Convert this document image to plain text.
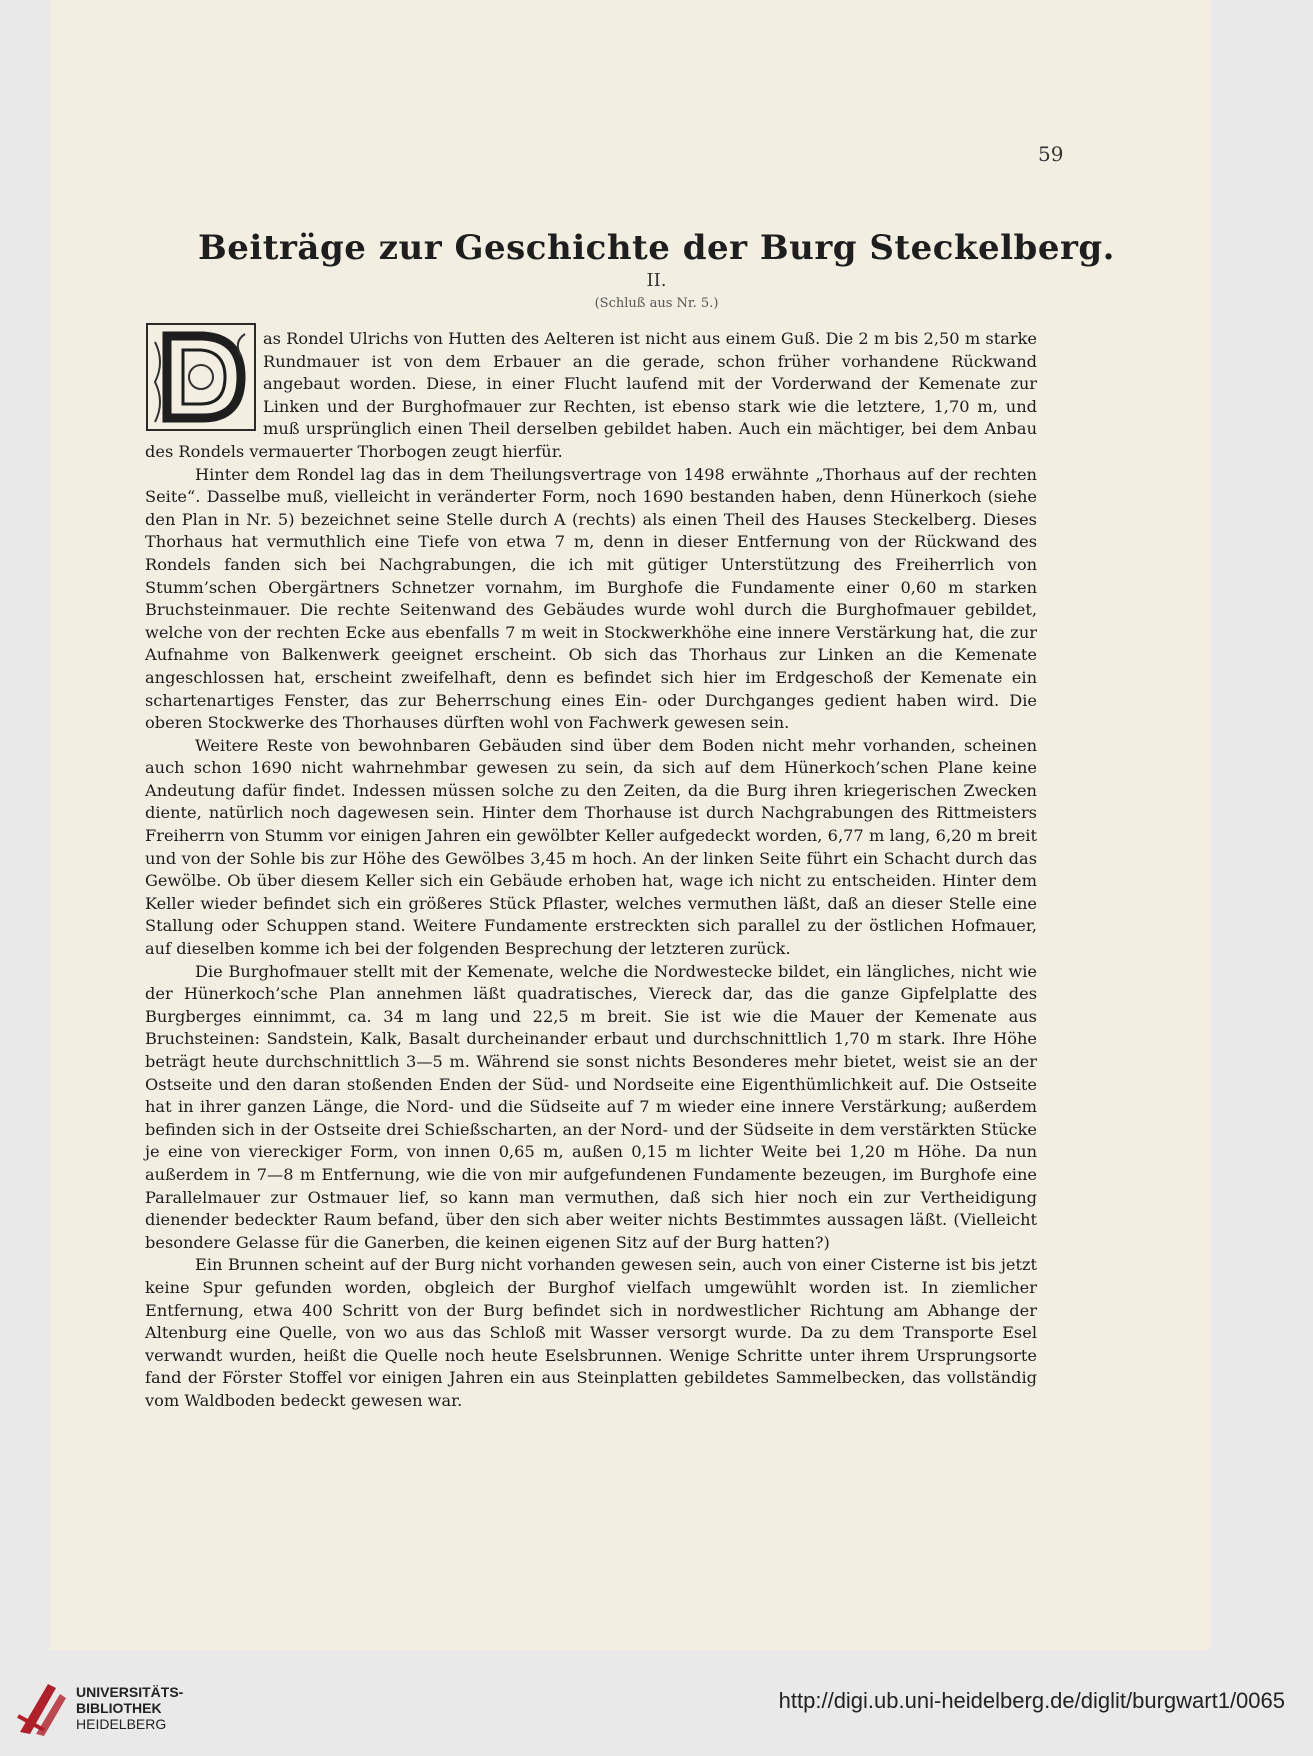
59
Beiträge zur Geschichte der Burg Steckelberg.
II.
(Schluß aus Nr. 5.)

as Rondel Ulrichs von Hutten des Aelteren ist nicht aus einem Guß. Die 2 m bis 2,50 m starke Rundmauer ist von dem Erbauer an die gerade, schon früher vorhandene Rückwand angebaut worden. Diese, in einer Flucht laufend mit der Vorderwand der Kemenate zur Linken und der Burghofmauer zur Rechten, ist ebenso stark wie die letztere, 1,70 m, und muß ursprünglich einen Theil derselben gebildet haben. Auch ein mächtiger, bei dem Anbau des Rondels vermauerter Thorbogen zeugt hierfür.

Hinter dem Rondel lag das in dem Theilungsvertrage von 1498 erwähnte „Thorhaus auf der rechten Seite“. Dasselbe muß, vielleicht in veränderter Form, noch 1690 bestanden haben, denn Hünerkoch (siehe den Plan in Nr. 5) bezeichnet seine Stelle durch A (rechts) als einen Theil des Hauses Steckelberg. Dieses Thorhaus hat vermuthlich eine Tiefe von etwa 7 m, denn in dieser Entfernung von der Rückwand des Rondels fanden sich bei Nachgrabungen, die ich mit gütiger Unterstützung des Freiherrlich von Stumm’schen Obergärtners Schnetzer vornahm, im Burghofe die Fundamente einer 0,60 m starken Bruchsteinmauer. Die rechte Seitenwand des Gebäudes wurde wohl durch die Burghofmauer gebildet, welche von der rechten Ecke aus ebenfalls 7 m weit in Stockwerkhöhe eine innere Verstärkung hat, die zur Aufnahme von Balkenwerk geeignet erscheint. Ob sich das Thorhaus zur Linken an die Kemenate angeschlossen hat, erscheint zweifelhaft, denn es befindet sich hier im Erdgeschoß der Kemenate ein schartenartiges Fenster, das zur Beherrschung eines Ein- oder Durchganges gedient haben wird. Die oberen Stockwerke des Thorhauses dürften wohl von Fachwerk gewesen sein.

Weitere Reste von bewohnbaren Gebäuden sind über dem Boden nicht mehr vorhanden, scheinen auch schon 1690 nicht wahrnehmbar gewesen zu sein, da sich auf dem Hünerkoch’schen Plane keine Andeutung dafür findet. Indessen müssen solche zu den Zeiten, da die Burg ihren kriegerischen Zwecken diente, natürlich noch dagewesen sein. Hinter dem Thorhause ist durch Nachgrabungen des Rittmeisters Freiherrn von Stumm vor einigen Jahren ein gewölbter Keller aufgedeckt worden, 6,77 m lang, 6,20 m breit und von der Sohle bis zur Höhe des Gewölbes 3,45 m hoch. An der linken Seite führt ein Schacht durch das Gewölbe. Ob über diesem Keller sich ein Gebäude erhoben hat, wage ich nicht zu entscheiden. Hinter dem Keller wieder befindet sich ein größeres Stück Pflaster, welches vermuthen läßt, daß an dieser Stelle eine Stallung oder Schuppen stand. Weitere Fundamente erstreckten sich parallel zu der östlichen Hofmauer, auf dieselben komme ich bei der folgenden Besprechung der letzteren zurück.

Die Burghofmauer stellt mit der Kemenate, welche die Nordwestecke bildet, ein längliches, nicht wie der Hünerkoch’sche Plan annehmen läßt quadratisches, Viereck dar, das die ganze Gipfelplatte des Burgberges einnimmt, ca. 34 m lang und 22,5 m breit. Sie ist wie die Mauer der Kemenate aus Bruchsteinen: Sandstein, Kalk, Basalt durcheinander erbaut und durchschnittlich 1,70 m stark. Ihre Höhe beträgt heute durchschnittlich 3—5 m. Während sie sonst nichts Besonderes mehr bietet, weist sie an der Ostseite und den daran stoßenden Enden der Süd- und Nordseite eine Eigenthümlichkeit auf. Die Ostseite hat in ihrer ganzen Länge, die Nord- und die Südseite auf 7 m wieder eine innere Verstärkung; außerdem befinden sich in der Ostseite drei Schießscharten, an der Nord- und der Südseite in dem verstärkten Stücke je eine von viereckiger Form, von innen 0,65 m, außen 0,15 m lichter Weite bei 1,20 m Höhe. Da nun außerdem in 7—8 m Entfernung, wie die von mir aufgefundenen Fundamente bezeugen, im Burghofe eine Parallelmauer zur Ostmauer lief, so kann man vermuthen, daß sich hier noch ein zur Vertheidigung dienender bedeckter Raum befand, über den sich aber weiter nichts Bestimmtes aussagen läßt. (Vielleicht besondere Gelasse für die Ganerben, die keinen eigenen Sitz auf der Burg hatten?)

Ein Brunnen scheint auf der Burg nicht vorhanden gewesen sein, auch von einer Cisterne ist bis jetzt keine Spur gefunden worden, obgleich der Burghof vielfach umgewühlt worden ist. In ziemlicher Entfernung, etwa 400 Schritt von der Burg befindet sich in nordwestlicher Richtung am Abhange der Altenburg eine Quelle, von wo aus das Schloß mit Wasser versorgt wurde. Da zu dem Transporte Esel verwandt wurden, heißt die Quelle noch heute Eselsbrunnen. Wenige Schritte unter ihrem Ursprungsorte fand der Förster Stoffel vor einigen Jahren ein aus Steinplatten gebildetes Sammelbecken, das vollständig vom Waldboden bedeckt gewesen war.

UNIVERSITÄTS-
BIBLIOTHEK
HEIDELBERG
http://digi.ub.uni-heidelberg.de/diglit/burgwart1/0065
